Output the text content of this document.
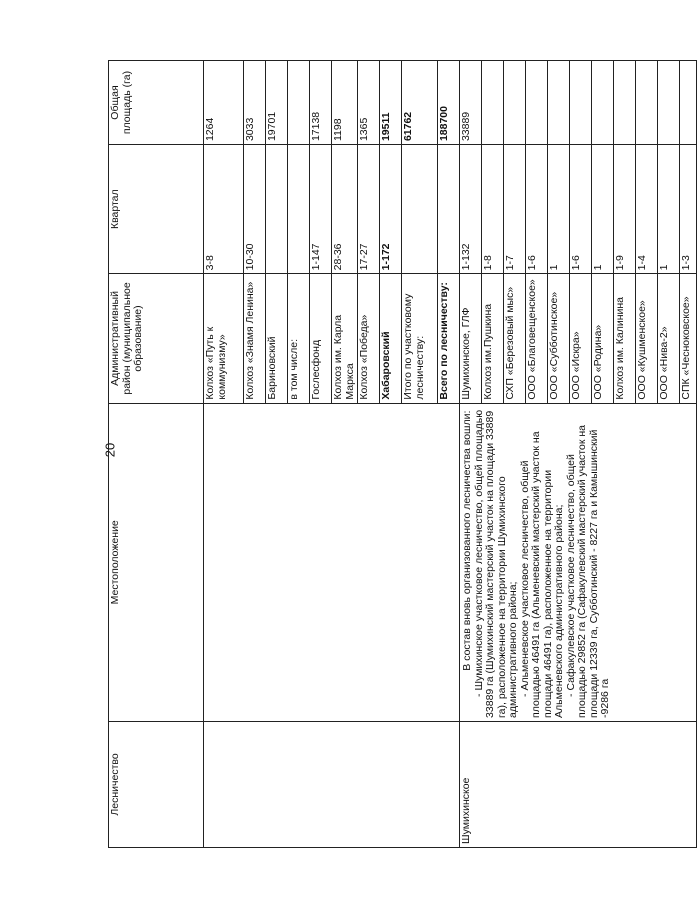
20
Лесничество	Местоположение	Административный район (муниципальное образование)	Квартал	Общая площадь (га)
		Колхоз «Путь к коммунизму»	3-8	1264
		Колхоз «Знамя Ленина»	10-30	3033
		Бариновский		19701
		в том числе:		
		Гослесфонд	1-147	17138
		Колхоз им. Карла Маркса	28-36	1198
		Колхоз «Победа»	17-27	1365
		Хабаровский	1-172	19511
		Итого по участковому лесничеству:		61762
		Всего по лесничеству:		188700
Шумихинское	В состав вновь организованного лесничества вошли: - Шумихинское участковое лесничество, общей площадью 33889 га (Шумихинский мастерский участок на площади 33889 га), расположенное на территории Шумихинского административного района; - Альменевское участковое лесничество, общей площадью 46491 га (Альменевский мастерский участок на площади 46491 га), расположенное на территории Альменевского административного района; - Сафакулевское участковое лесничество, общей площадью 29852 га (Сафакулевский мастерский участок на площади 12339 га, Субботинский - 8227 га и Камышинский -9286 га	Шумихинское, ГЛФ	1-132	33889
		Колхоз им.Пушкина	1-8	
		СХП «Березовый мыс»	1-7	
		ООО «Благовещенское»	1-6	
		ООО «Субботинское»	1	
		ООО «Искра»	1-6	
		ООО «Родина»	1	
		Колхоз им. Калинина	1-9	
		ООО «Кушменское»	1-4	
		ООО «Нива-2»	1	
		СПК «Чесноковское»	1-3	
